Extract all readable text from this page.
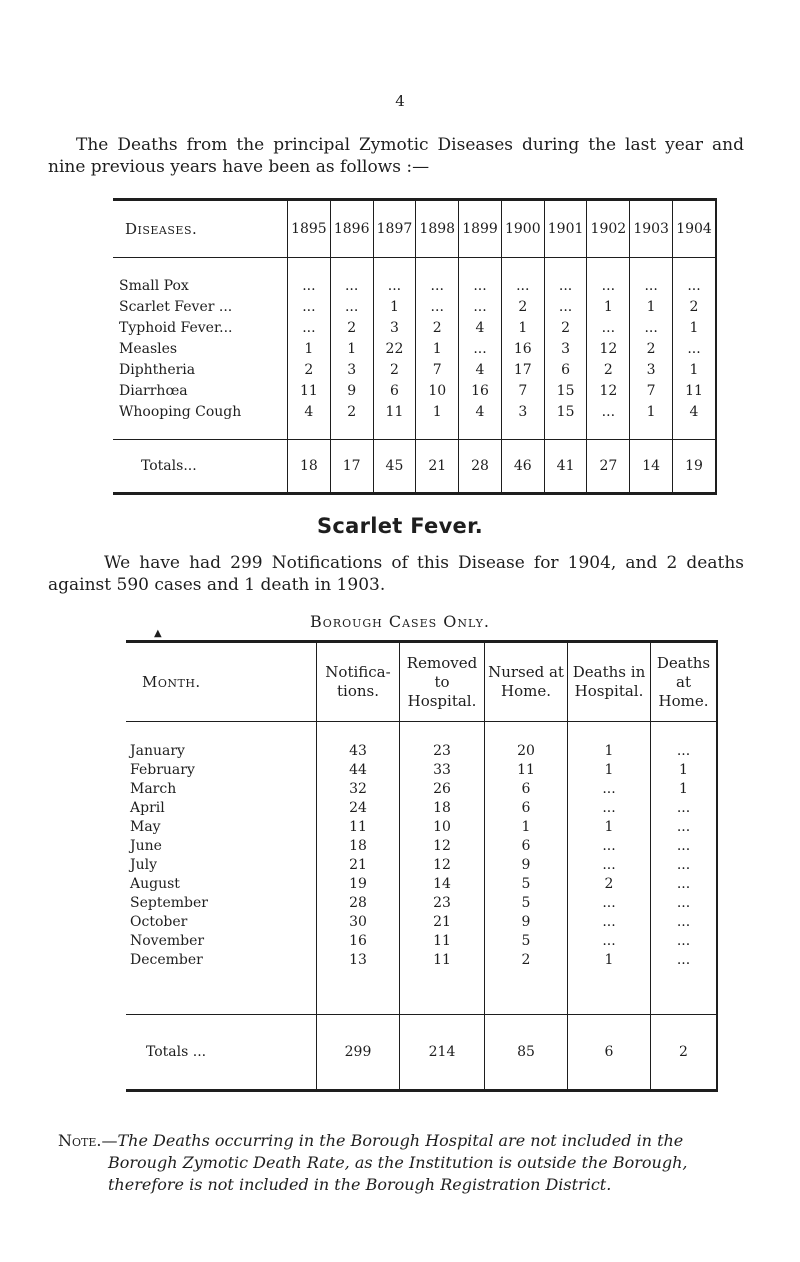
4

The Deaths from the principal Zymotic Diseases during the last year and nine previous years have been as follows :—

Diseases.	1895	1896	1897	1898	1899	1900	1901	1902	1903	1904
Small Pox	...	...	...	...	...	...	...	...	...	...
Scarlet Fever ...	...	...	1	...	...	2	...	1	1	2
Typhoid Fever...	...	2	3	2	4	1	2	...	...	1
Measles	1	1	22	1	...	16	3	12	2	...
Diphtheria	2	3	2	7	4	17	6	2	3	1
Diarrhœa	11	9	6	10	16	7	15	12	7	11
Whooping Cough	4	2	11	1	4	3	15	...	1	4
Totals...	18	17	45	21	28	46	41	27	14	19
Scarlet Fever.

We have had 299 Notifications of this Disease for 1904, and 2 deaths against 590 cases and 1 death in 1903.

Borough Cases Only.
▲
Month.	Notifica-tions.	Removed to Hospital.	Nursed at Home.	Deaths in Hospital.	Deaths at Home.
January	43	23	20	1	...
February	44	33	11	1	1
March	32	26	6	...	1
April	24	18	6	...	...
May	11	10	1	1	...
June	18	12	6	...	...
July	21	12	9	...	...
August	19	14	5	2	...
September	28	23	5	...	...
October	30	21	9	...	...
November	16	11	5	...	...
December	13	11	2	1	...
Totals ...	299	214	85	6	2

Note.—The Deaths occurring in the Borough Hospital are not included in the Borough Zymotic Death Rate, as the Institution is outside the Borough, therefore is not included in the Borough Registration District.
